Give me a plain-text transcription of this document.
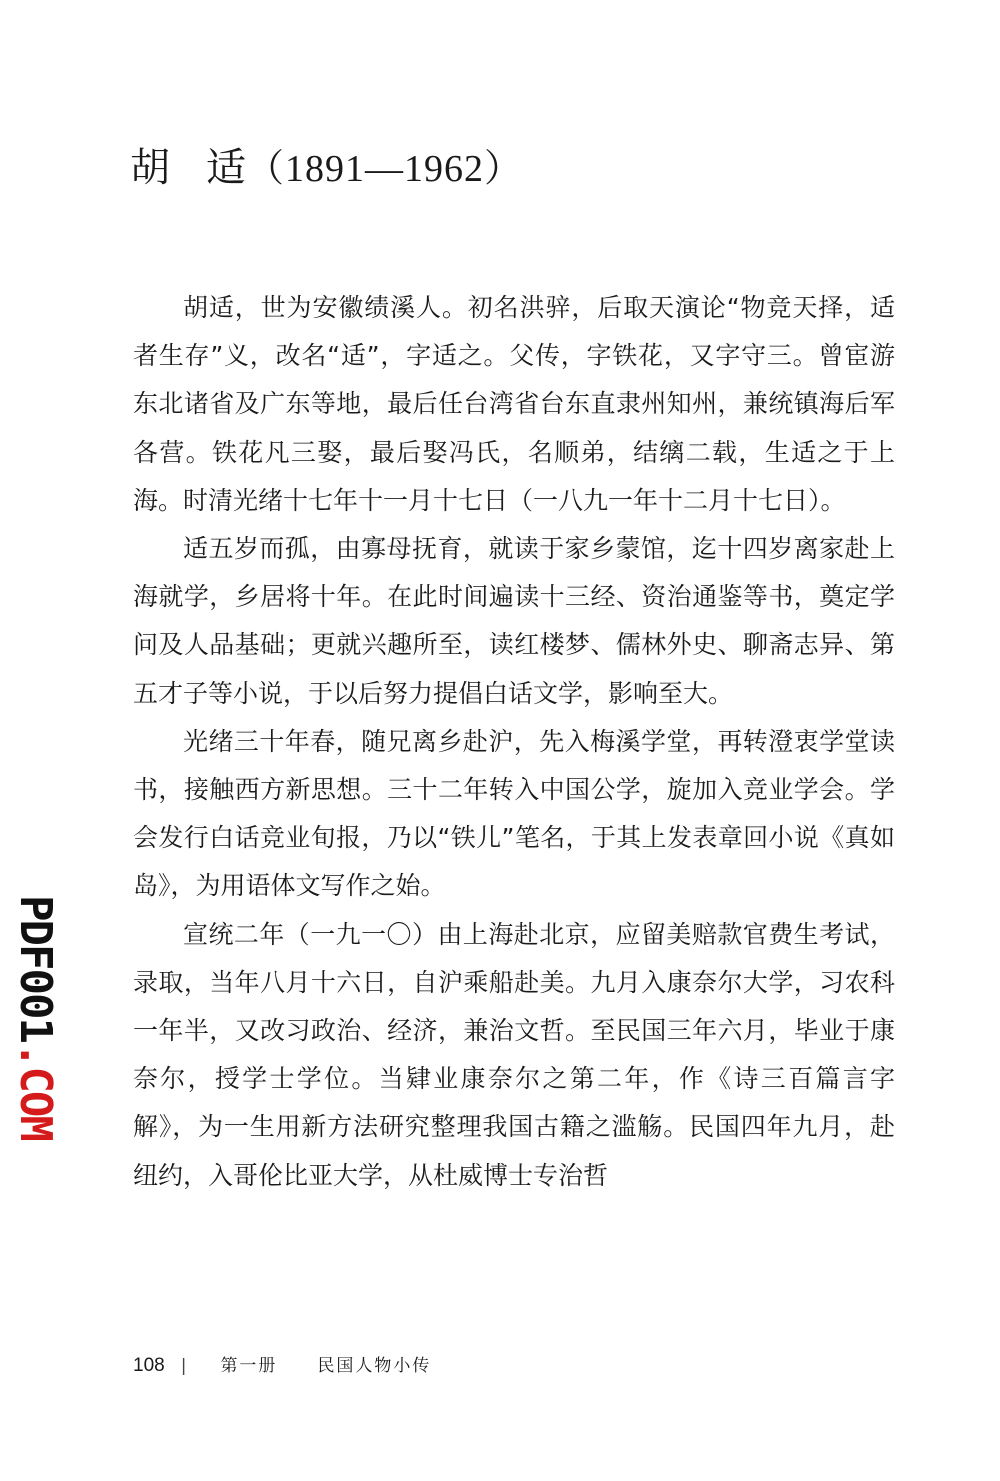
胡 适（1891—1962）

胡适，世为安徽绩溪人。初名洪骍，后取天演论“物竞天择，适者生存”义，改名“适”，字适之。父传，字铁花，又字守三。曾宦游东北诸省及广东等地，最后任台湾省台东直隶州知州，兼统镇海后军各营。铁花凡三娶，最后娶冯氏，名顺弟，结缡二载，生适之于上海。时清光绪十七年十一月十七日（一八九一年十二月十七日）。

适五岁而孤，由寡母抚育，就读于家乡蒙馆，迄十四岁离家赴上海就学，乡居将十年。在此时间遍读十三经、资治通鉴等书，奠定学问及人品基础；更就兴趣所至，读红楼梦、儒林外史、聊斋志异、第五才子等小说，于以后努力提倡白话文学，影响至大。

光绪三十年春，随兄离乡赴沪，先入梅溪学堂，再转澄衷学堂读书，接触西方新思想。三十二年转入中国公学，旋加入竞业学会。学会发行白话竞业旬报，乃以“铁儿”笔名，于其上发表章回小说《真如岛》，为用语体文写作之始。

宣统二年（一九一〇）由上海赴北京，应留美赔款官费生考试，录取，当年八月十六日，自沪乘船赴美。九月入康奈尔大学，习农科一年半，又改习政治、经济，兼治文哲。至民国三年六月，毕业于康奈尔，授学士学位。当肄业康奈尔之第二年，作《诗三百篇言字解》，为一生用新方法研究整理我国古籍之滥觞。民国四年九月，赴纽约，入哥伦比亚大学，从杜威博士专治哲

PDF001.COM
108 | 第一册 民国人物小传
